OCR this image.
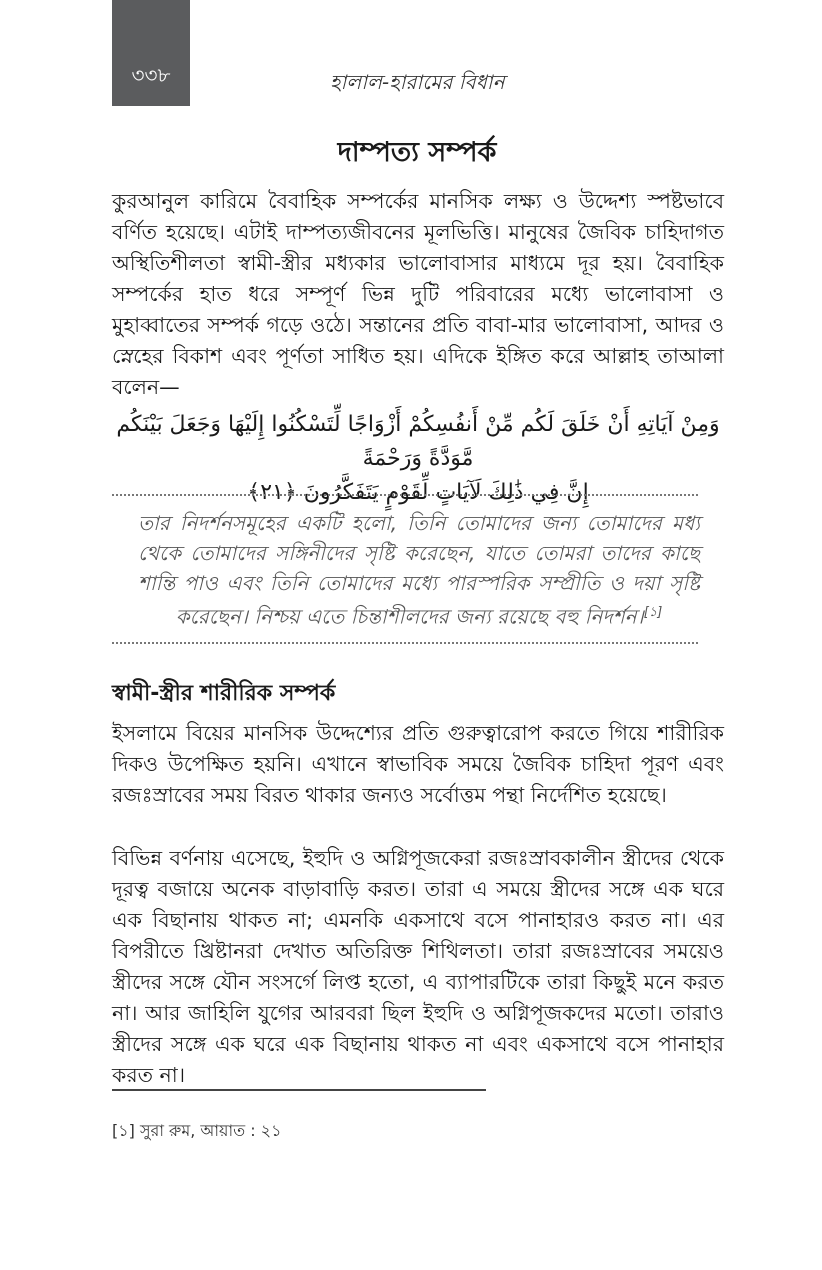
৩৩৮	হালাল-হারামের বিধান
দাম্পত্য সম্পর্ক
কুরআনুল কারিমে বৈবাহিক সম্পর্কের মানসিক লক্ষ্য ও উদ্দেশ্য স্পষ্টভাবে বর্ণিত হয়েছে। এটাই দাম্পত্যজীবনের মূলভিত্তি। মানুষের জৈবিক চাহিদাগত অস্থিতিশীলতা স্বামী-স্ত্রীর মধ্যকার ভালোবাসার মাধ্যমে দূর হয়। বৈবাহিক সম্পর্কের হাত ধরে সম্পূর্ণ ভিন্ন দুটি পরিবারের মধ্যে ভালোবাসা ও মুহাব্বাতের সম্পর্ক গড়ে ওঠে। সন্তানের প্রতি বাবা-মার ভালোবাসা, আদর ও স্নেহের বিকাশ এবং পূর্ণতা সাধিত হয়। এদিকে ইঙ্গিত করে আল্লাহ তাআলা বলেন—
وَمِنْ آيَاتِهِ أَنْ خَلَقَ لَكُم مِّنْ أَنفُسِكُمْ أَزْوَاجًا لِّتَسْكُنُوا إِلَيْهَا وَجَعَلَ بَيْنَكُم مَّوَدَّةً وَرَحْمَةً
إِنَّ فِي ذَٰلِكَ لَآيَاتٍ لِّقَوْمٍ يَتَفَكَّرُونَ ﴿٢١﴾
তার নিদর্শনসমূহের একটি হলো, তিনি তোমাদের জন্য তোমাদের মধ্য থেকে তোমাদের সঙ্গিনীদের সৃষ্টি করেছেন, যাতে তোমরা তাদের কাছে শান্তি পাও এবং তিনি তোমাদের মধ্যে পারস্পরিক সম্প্রীতি ও দয়া সৃষ্টি করেছেন। নিশ্চয় এতে চিন্তাশীলদের জন্য রয়েছে বহু নিদর্শন।[১]
স্বামী-স্ত্রীর শারীরিক সম্পর্ক
ইসলামে বিয়ের মানসিক উদ্দেশ্যের প্রতি গুরুত্বারোপ করতে গিয়ে শারীরিক দিকও উপেক্ষিত হয়নি। এখানে স্বাভাবিক সময়ে জৈবিক চাহিদা পূরণ এবং রজঃস্রাবের সময় বিরত থাকার জন্যও সর্বোত্তম পন্থা নির্দেশিত হয়েছে।
বিভিন্ন বর্ণনায় এসেছে, ইহুদি ও অগ্নিপূজকেরা রজঃস্রাবকালীন স্ত্রীদের থেকে দূরত্ব বজায়ে অনেক বাড়াবাড়ি করত। তারা এ সময়ে স্ত্রীদের সঙ্গে এক ঘরে এক বিছানায় থাকত না; এমনকি একসাথে বসে পানাহারও করত না। এর বিপরীতে খ্রিষ্টানরা দেখাত অতিরিক্ত শিথিলতা। তারা রজঃস্রাবের সময়েও স্ত্রীদের সঙ্গে যৌন সংসর্গে লিপ্ত হতো, এ ব্যাপারটিকে তারা কিছুই মনে করত না। আর জাহিলি যুগের আরবরা ছিল ইহুদি ও অগ্নিপূজকদের মতো। তারাও স্ত্রীদের সঙ্গে এক ঘরে এক বিছানায় থাকত না এবং একসাথে বসে পানাহার করত না।
[১] সুরা রুম, আয়াত : ২১
